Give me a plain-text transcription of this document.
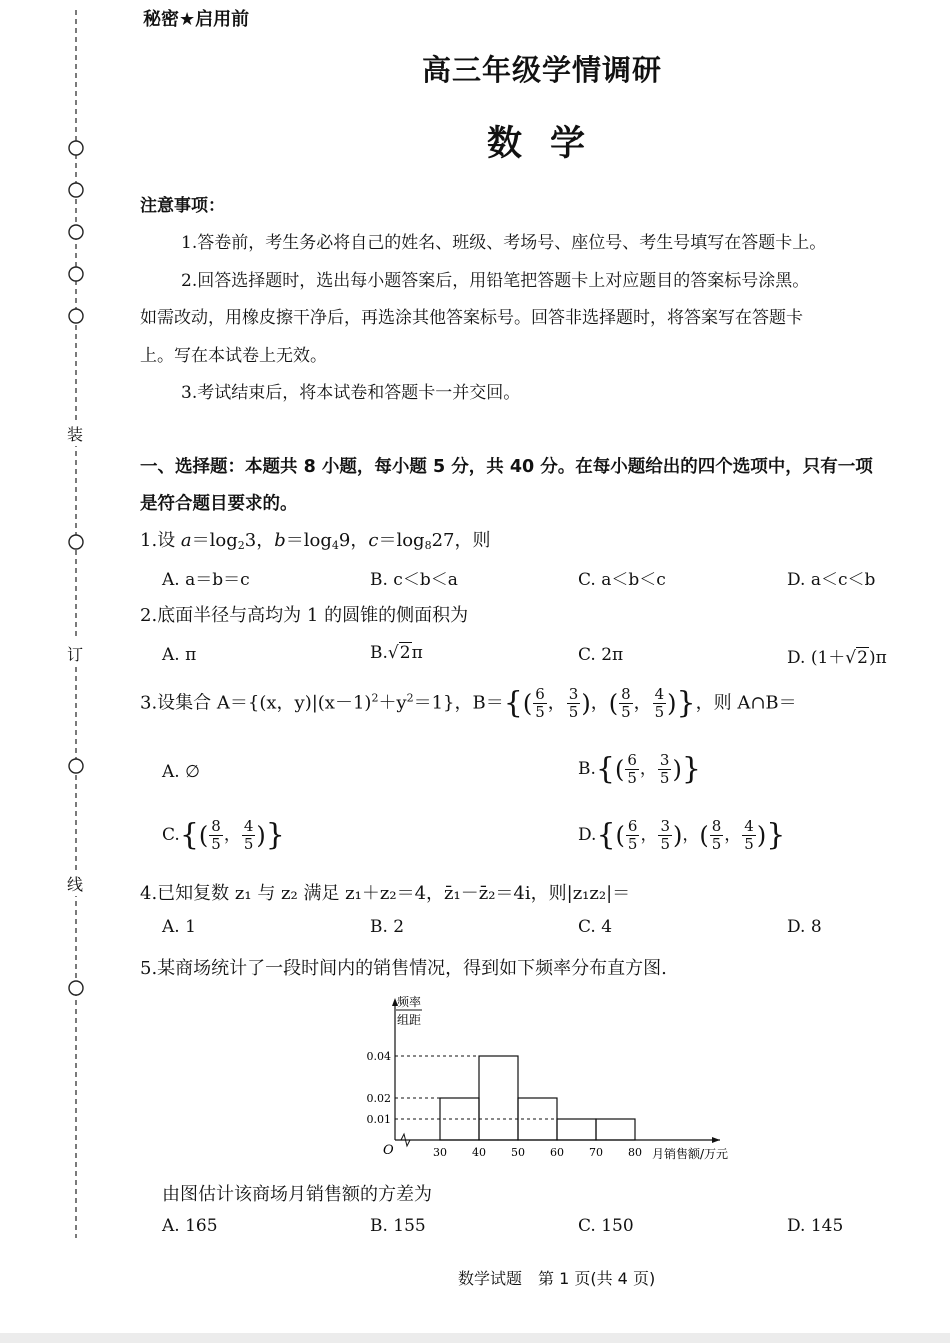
装
订
线
秘密★启用前
高三年级学情调研
数学
注意事项：
1.答卷前，考生务必将自己的姓名、班级、考场号、座位号、考生号填写在答题卡上。
2.回答选择题时，选出每小题答案后，用铅笔把答题卡上对应题目的答案标号涂黑。
如需改动，用橡皮擦干净后，再选涂其他答案标号。回答非选择题时，将答案写在答题卡
上。写在本试卷上无效。
3.考试结束后，将本试卷和答题卡一并交回。
一、选择题：本题共 8 小题，每小题 5 分，共 40 分。在每小题给出的四个选项中，只有一项
是符合题目要求的。
1.设 $a=\log_23$，$b=\log_49$，$c=\log_827$，则
A. a＝b＝c	B. c＜b＜a	C. a＜b＜c	D. a＜c＜b
2.底面半径与高均为 1 的圆锥的侧面积为
A. π	B.√2π	C. 2π	D. (1＋√2)π
3.设集合 A＝{(x，$y)|(x-1)^2+y^2=1$}，$B=\{( \frac{6}{5}$ ， $\frac{3}{5}$ )，( $\frac{8}{5}$ ， $\frac{4}{5}$ )}，则 A∩B＝
A. ∅	$B.\{( \frac{6}{5}$ ， $\frac{3}{5}$ )}
$C.\{( \frac{8}{5}$ ， $\frac{4}{5}$ )}	$D.\{( \frac{6}{5}$ ， $\frac{3}{5}$ )，( $\frac{8}{5}$ ， $\frac{4}{5}$ )}
4.已知复数 z₁ 与 z₂ 满足 z₁＋z₂＝4，z̄₁－z̄₂＝4i，则|z₁z₂|＝
A. 1	B. 2	C. 4	D. 8
5.某商场统计了一段时间内的销售情况，得到如下频率分布直方图.
0.01
0.02
0.04
30 40 50 60 70 80
O	月销售额/万元
频率
组距
由图估计该商场月销售额的方差为
A. 165	B. 155	C. 150	D. 145
数学试题　第 1 页(共 4 页)
